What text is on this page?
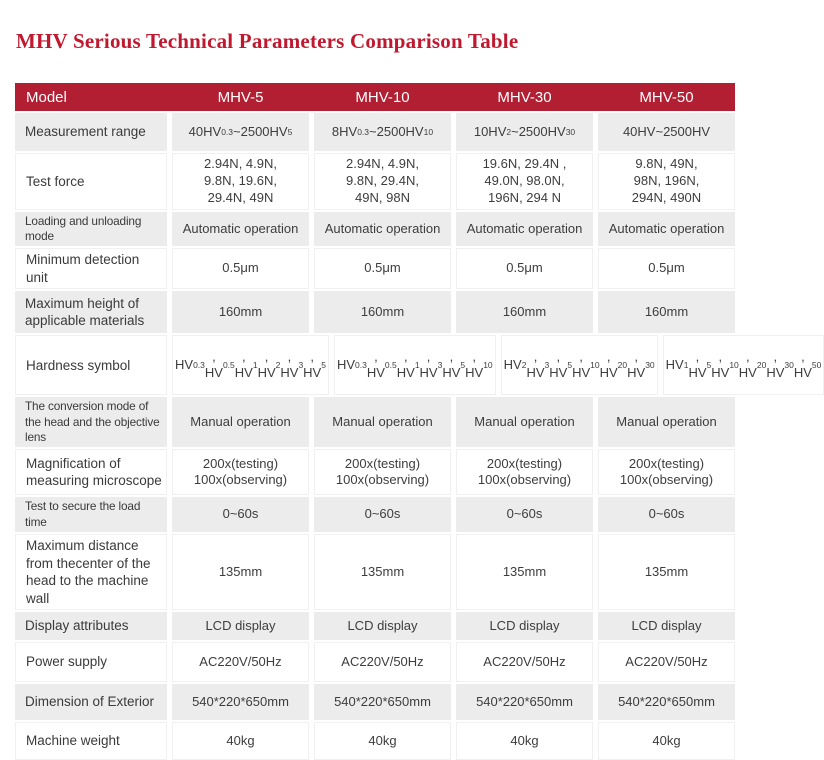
MHV Serious Technical Parameters Comparison Table
Model	MHV-5	MHV-10	MHV-30	MHV-50
Measurement range	40HV 0.3 ~2500HV 5	8HV 0.3 ~2500HV 10	10HV 2 ~2500HV 30	40HV~2500HV
Test force
2.94N, 4.9N,
9.8N, 19.6N,
29.4N, 49N
2.94N, 4.9N,
9.8N, 29.4N,
49N, 98N
19.6N, 29.4N ,
49.0N, 98.0N,
196N, 294 N
9.8N, 49N,
98N, 196N,
294N, 490N
Loading and unloading mode
Automatic operation	Automatic operation	Automatic operation	Automatic operation
Minimum detection unit
0.5μm	0.5μm	0.5μm	0.5μm
Maximum height of applicable materials
160mm	160mm	160mm	160mm
Hardness symbol	HV 0.3
, HV 0.5
,
HV 1
, HV 2
,
HV 3
, HV 5 HV 0.3
, HV 0.5
,
HV 1
, HV 3
,
HV 5
, HV 10 HV 2
, HV 3
,
HV 5
, HV 10
,
HV 20
, HV 30 HV 1
, HV 5
,
HV 10
, HV 20
,
HV 30
, HV 50
The conversion mode of the head and the objective lens
Manual operation	Manual operation	Manual operation	Manual operation
Magnification of measuring microscope
200x(testing)
100x(observing)
200x(testing)
100x(observing)
200x(testing)
100x(observing)
200x(testing)
100x(observing)
Test to secure the load time
0~60s	0~60s	0~60s	0~60s
Maximum distance from thecenter of the head to the machine wall
135mm	135mm	135mm	135mm
Display attributes	LCD display	LCD display	LCD display	LCD display
Power supply	AC220V/50Hz	AC220V/50Hz	AC220V/50Hz	AC220V/50Hz
Dimension of Exterior	540*220*650mm	540*220*650mm	540*220*650mm	540*220*650mm
Machine weight	40kg	40kg	40kg	40kg
